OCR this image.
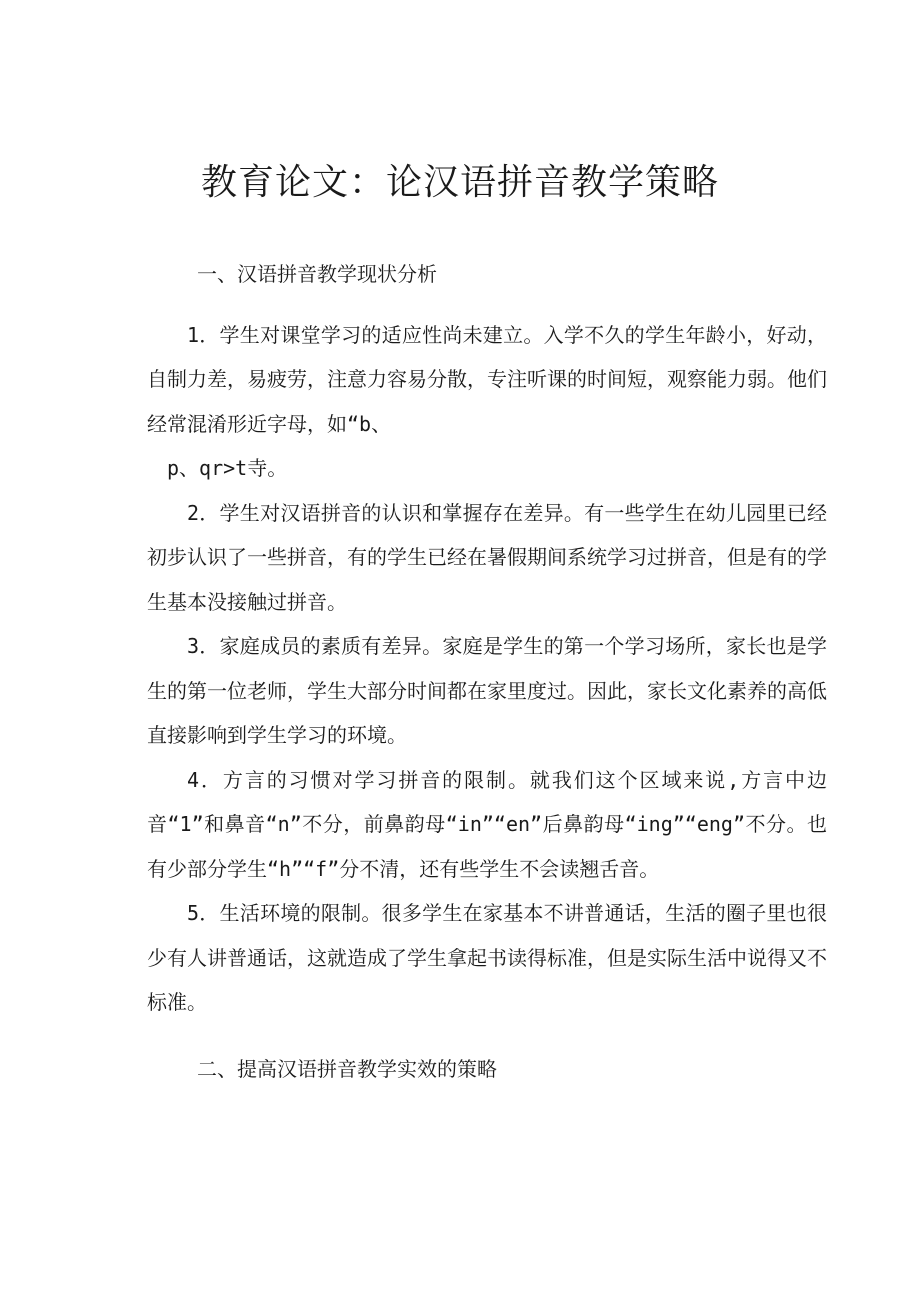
教育论文：论汉语拼音教学策略

一、汉语拼音教学现状分析

1．学生对课堂学习的适应性尚未建立。入学不久的学生年龄小，好动，自制力差，易疲劳，注意力容易分散，专注听课的时间短，观察能力弱。他们经常混淆形近字母，如“b、

p、qr>t寺。

2．学生对汉语拼音的认识和掌握存在差异。有一些学生在幼儿园里已经初步认识了一些拼音，有的学生已经在暑假期间系统学习过拼音，但是有的学生基本没接触过拼音。

3．家庭成员的素质有差异。家庭是学生的第一个学习场所，家长也是学生的第一位老师，学生大部分时间都在家里度过。因此，家长文化素养的高低直接影响到学生学习的环境。

4．方言的习惯对学习拼音的限制。就我们这个区域来说,方言中边音“1”和鼻音“n”不分，前鼻韵母“in”“en”后鼻韵母“ing”“eng”不分。也有少部分学生“h”“f”分不清，还有些学生不会读翘舌音。

5．生活环境的限制。很多学生在家基本不讲普通话，生活的圈子里也很少有人讲普通话，这就造成了学生拿起书读得标准，但是实际生活中说得又不标准。

二、提高汉语拼音教学实效的策略
